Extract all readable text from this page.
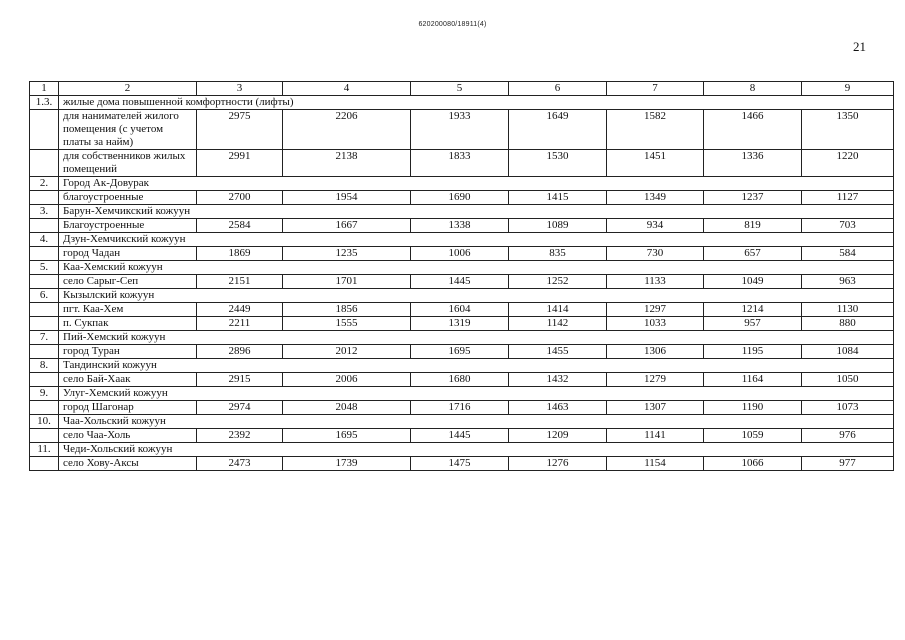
620200080/18911(4)
21
1	2	3	4	5	6	7	8	9
1.3.	жилые дома повышенной комфортности (лифты)							
	для нанимателей жилого помещения (с учетом платы за найм)	2975	2206	1933	1649	1582	1466	1350
	для собственников жилых помещений	2991	2138	1833	1530	1451	1336	1220
2.	Город Ак-Довурак							
	благоустроенные	2700	1954	1690	1415	1349	1237	1127
3.	Барун-Хемчикский кожуун							
	Благоустроенные	2584	1667	1338	1089	934	819	703
4.	Дзун-Хемчикский кожуун							
	город Чадан	1869	1235	1006	835	730	657	584
5.	Каа-Хемский кожуун							
	село Сарыг-Сеп	2151	1701	1445	1252	1133	1049	963
6.	Кызылский кожуун							
	пгт. Каа-Хем	2449	1856	1604	1414	1297	1214	1130
	п. Сукпак	2211	1555	1319	1142	1033	957	880
7.	Пий-Хемский кожуун							
	город Туран	2896	2012	1695	1455	1306	1195	1084
8.	Тандинский кожуун							
	село Бай-Хаак	2915	2006	1680	1432	1279	1164	1050
9.	Улуг-Хемский кожуун							
	город Шагонар	2974	2048	1716	1463	1307	1190	1073
10.	Чаа-Хольский кожуун							
	село Чаа-Холь	2392	1695	1445	1209	1141	1059	976
11.	Чеди-Хольский кожуун							
	село Хову-Аксы	2473	1739	1475	1276	1154	1066	977
